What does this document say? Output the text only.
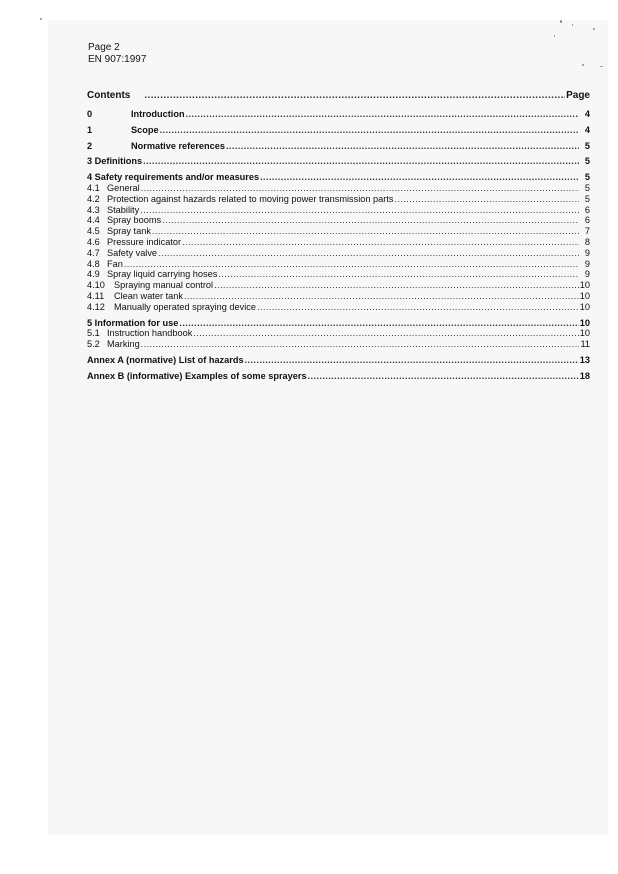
Page 2
EN 907:1997
Contents .....	Page
0	Introduction .....	4
1	Scope .....	4
2	Normative references .....	5
3 Definitions .....	5
4 Safety requirements and/or measures .....	5
4.1 General .....	5
4.2 Protection against hazards related to moving power transmission parts .....	5
4.3 Stability .....	6
4.4 Spray booms .....	6
4.5 Spray tank .....	7
4.6 Pressure indicator .....	8
4.7 Safety valve .....	9
4.8 Fan .....	9
4.9 Spray liquid carrying hoses .....	9
4.10 Spraying manual control .....	10
4.11	Clean water tank .....	10
4.12 Manually operated spraying device .....	10
5 Information for use .....	10
5.1 Instruction handbook .....	10
5.2 Marking .....	11
Annex A (normative) List of hazards .....	13
Annex B (informative) Examples of some sprayers .....	18
